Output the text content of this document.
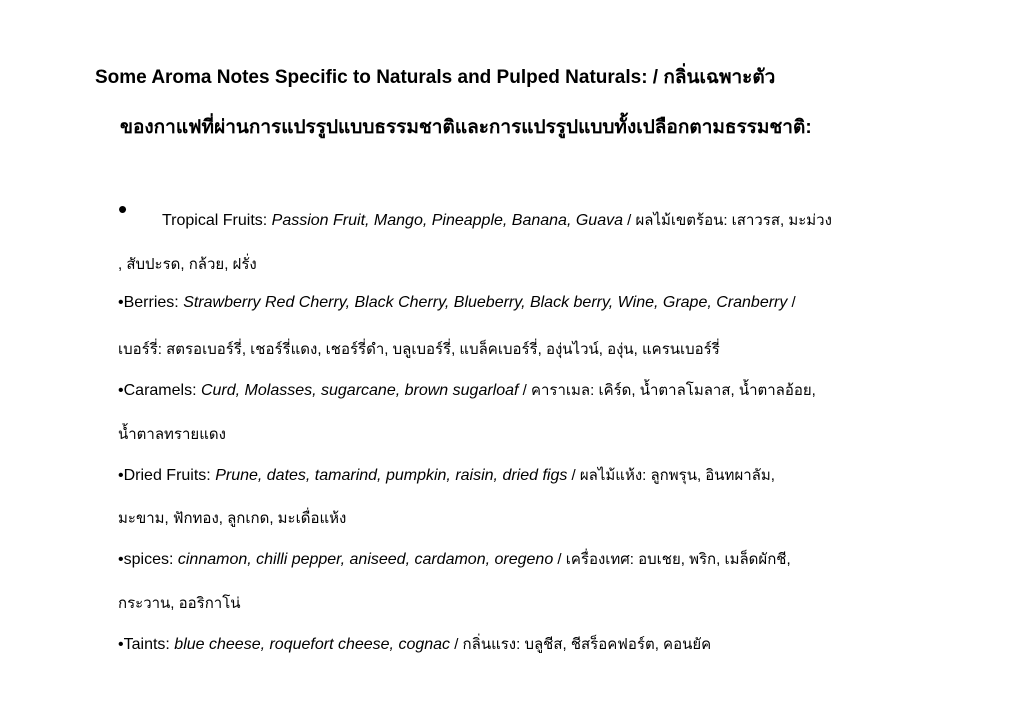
Some Aroma Notes Specific to Naturals and Pulped Naturals: / กลิ่นเฉพาะตัว
ของกาแฟที่ผ่านการแปรรูปแบบธรรมชาติและการแปรรูปแบบทั้งเปลือกตามธรรมชาติ:
• Tropical Fruits: Passion Fruit, Mango, Pineapple, Banana, Guava / ผลไม้เขตร้อน: เสาวรส, มะม่วง
, สับปะรด, กล้วย, ฝรั่ง
•Berries: Strawberry Red Cherry, Black Cherry, Blueberry, Black berry, Wine, Grape, Cranberry /
เบอร์รี่: สตรอเบอร์รี่, เชอร์รี่แดง, เชอร์รี่ดำ, บลูเบอร์รี่, แบล็คเบอร์รี่, องุ่นไวน์, องุ่น, แครนเบอร์รี่
•Caramels: Curd, Molasses, sugarcane, brown sugarloaf / คาราเมล: เคิร์ด, น้ำตาลโมลาส, น้ำตาลอ้อย,
น้ำตาลทรายแดง
•Dried Fruits: Prune, dates, tamarind, pumpkin, raisin, dried figs / ผลไม้แห้ง: ลูกพรุน, อินทผาลัม,
มะขาม, ฟักทอง, ลูกเกด, มะเดื่อแห้ง
•spices: cinnamon, chilli pepper, aniseed, cardamon, oregeno / เครื่องเทศ: อบเชย, พริก, เมล็ดผักชี,
กระวาน, ออริกาโน่
•Taints: blue cheese, roquefort cheese, cognac / กลิ่นแรง: บลูชีส, ชีสร็อคฟอร์ต, คอนยัค
